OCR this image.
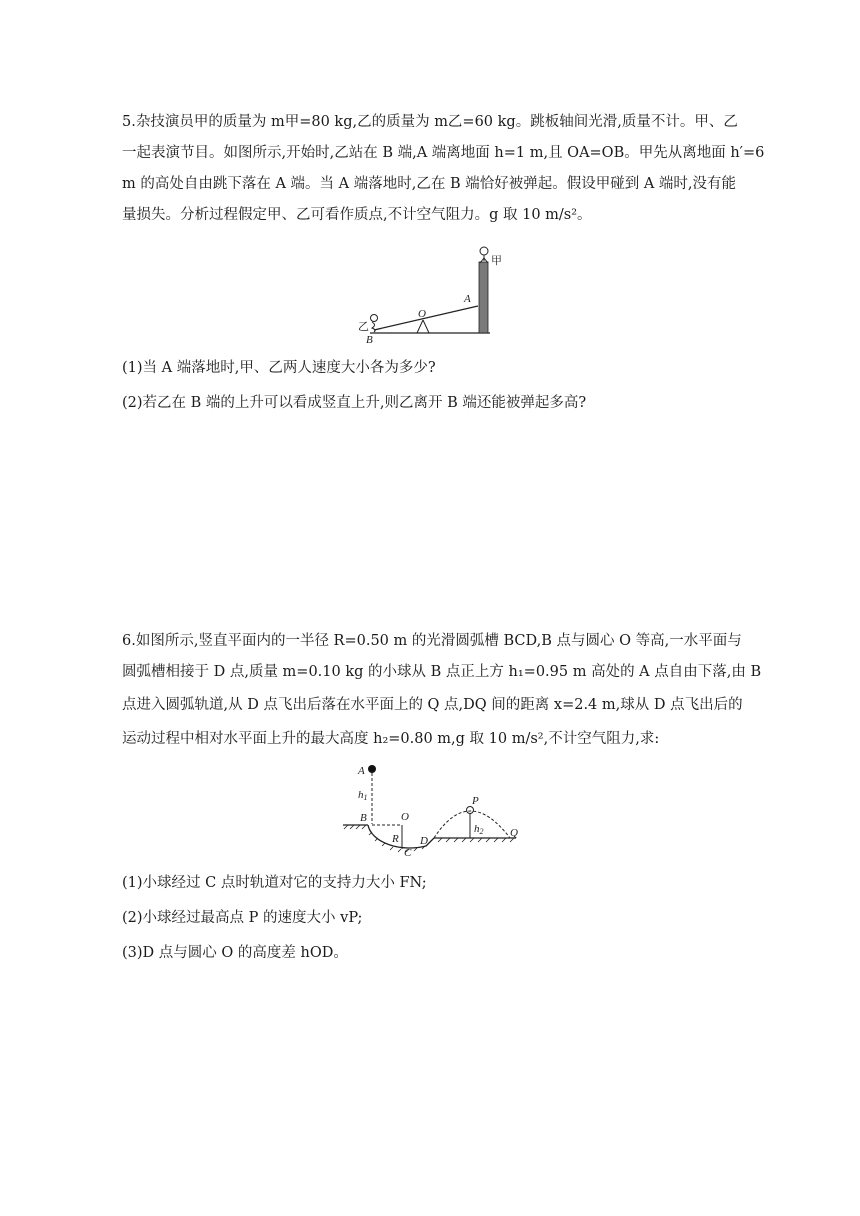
5.杂技演员甲的质量为 m甲=80 kg,乙的质量为 m乙=60 kg。跳板轴间光滑,质量不计。甲、乙
一起表演节目。如图所示,开始时,乙站在 B 端,A 端离地面 h=1 m,且 OA=OB。甲先从离地面 h′=6
m 的高处自由跳下落在 A 端。当 A 端落地时,乙在 B 端恰好被弹起。假设甲碰到 A 端时,没有能
量损失。分析过程假定甲、乙可看作质点,不计空气阻力。g 取 10 m/s²。
甲
O
A
乙
B
(1)当 A 端落地时,甲、乙两人速度大小各为多少?
(2)若乙在 B 端的上升可以看成竖直上升,则乙离开 B 端还能被弹起多高?
6.如图所示,竖直平面内的一半径 R=0.50 m 的光滑圆弧槽 BCD,B 点与圆心 O 等高,一水平面与
圆弧槽相接于 D 点,质量 m=0.10 kg 的小球从 B 点正上方 h₁=0.95 m 高处的 A 点自由下落,由 B
点进入圆弧轨道,从 D 点飞出后落在水平面上的 Q 点,DQ 间的距离 x=2.4 m,球从 D 点飞出后的
运动过程中相对水平面上升的最大高度 h₂=0.80 m,g 取 10 m/s²,不计空气阻力,求:
A
h1
B	O
R
C
D
P
h2 Q
(1)小球经过 C 点时轨道对它的支持力大小 FN;
(2)小球经过最高点 P 的速度大小 vP;
(3)D 点与圆心 O 的高度差 hOD。
